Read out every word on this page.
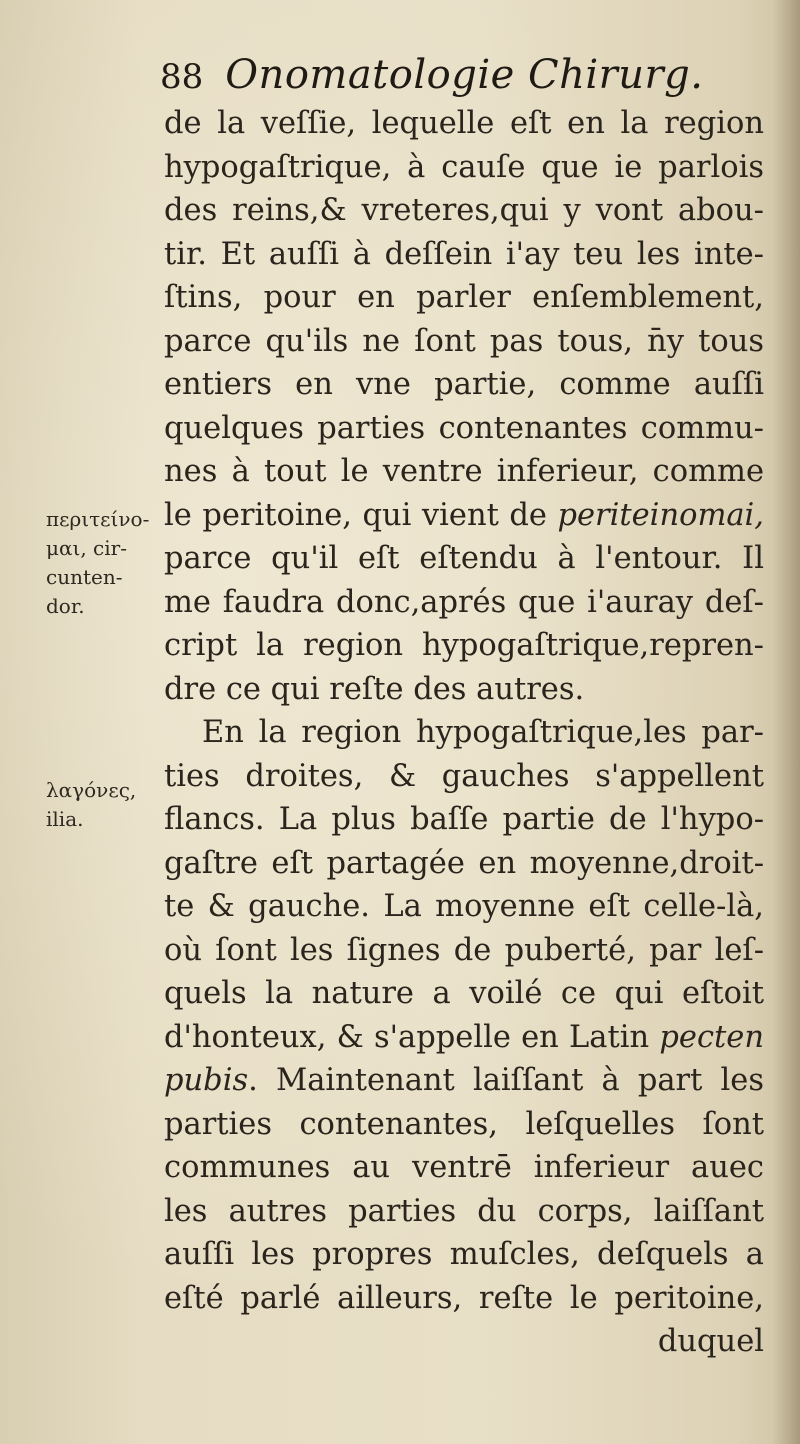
88 Onomatologie Chirurg.
de la veſſie, lequelle eſt en la region
hypogaſtrique, à cauſe que ie parlois
des reins,& vreteres,qui y vont abou-
tir. Et auſſi à deſſein i'ay teu les inte-
ſtins, pour en parler enſemblement,
parce qu'ils ne ſont pas tous, n̄y tous
entiers en vne partie, comme auſſi
quelques parties contenantes commu-
nes à tout le ventre inferieur, comme
le peritoine, qui vient de periteinomai,
parce qu'il eſt eſtendu à l'entour. Il
me faudra donc,aprés que i'auray deſ-
cript la region hypogaſtrique,repren-
dre ce qui reſte des autres.
En la region hypogaſtrique,les par-
ties droites, & gauches s'appellent
flancs. La plus baſſe partie de l'hypo-
gaſtre eſt partagée en moyenne,droit-
te & gauche. La moyenne eſt celle-là,
où ſont les ſignes de puberté, par leſ-
quels la nature a voilé ce qui eſtoit
d'honteux, & s'appelle en Latin pecten
pubis. Maintenant laiſſant à part les
parties contenantes, leſquelles ſont
communes au ventrē inferieur auec
les autres parties du corps, laiſſant
auſſi les propres muſcles, deſquels a
eſté parlé ailleurs, reſte le peritoine,
duquel
περιτείνο-
μαι, cir-
cunten-
dor.
λαγόνες,
ilia.
